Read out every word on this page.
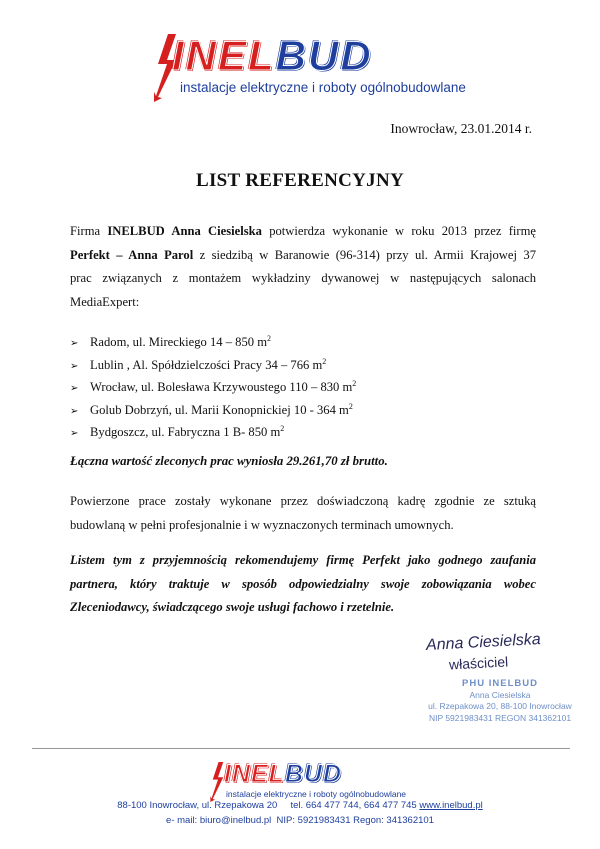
INELBUD
instalacje elektryczne i roboty ogólnobudowlane
Inowrocław, 23.01.2014 r.
LIST REFERENCYJNY
Firma INELBUD Anna Ciesielska potwierdza wykonanie w roku 2013 przez firmę
Perfekt – Anna Parol z siedzibą w Baranowie (96-314) przy ul. Armii Krajowej 37
prac związanych z montażem wykładziny dywanowej w następujących salonach
MediaExpert:
➢ Radom, ul. Mireckiego 14 – 850 $m^2$
➢ Lublin , Al. Spółdzielczości Pracy 34 – 766 $m^2$
➢ Wrocław, ul. Bolesława Krzywoustego 110 – 830 $m^2$
➢ Golub Dobrzyń, ul. Marii Konopnickiej 10 - 364 $m^2$
➢ Bydgoszcz, ul. Fabryczna 1 B- 850 $m^2$
Łączna wartość zleconych prac wyniosła 29.261,70 zł brutto.
Powierzone prace zostały wykonane przez doświadczoną kadrę zgodnie ze sztuką budowlaną w pełni profesjonalnie i w wyznaczonych terminach umownych.
Listem tym z przyjemnością rekomendujemy firmę Perfekt jako godnego zaufania partnera, który traktuje w sposób odpowiedzialny swoje zobowiązania wobec Zleceniodawcy, świadczącego swoje usługi fachowo i rzetelnie.
Anna Ciesielska
właściciel
PHU INELBUD
Anna Ciesielska
ul. Rzepakowa 20, 88-100 Inowrocław
NIP 5921983431 REGON 341362101
INELBUD
instalacje elektryczne i roboty ogólnobudowlane
88-100 Inowrocław, ul. Rzepakowa 20 tel. 664 477 744, 664 477 745 www.inelbud.pl
e- mail: biuro@inelbud.pl NIP: 5921983431 Regon: 341362101
